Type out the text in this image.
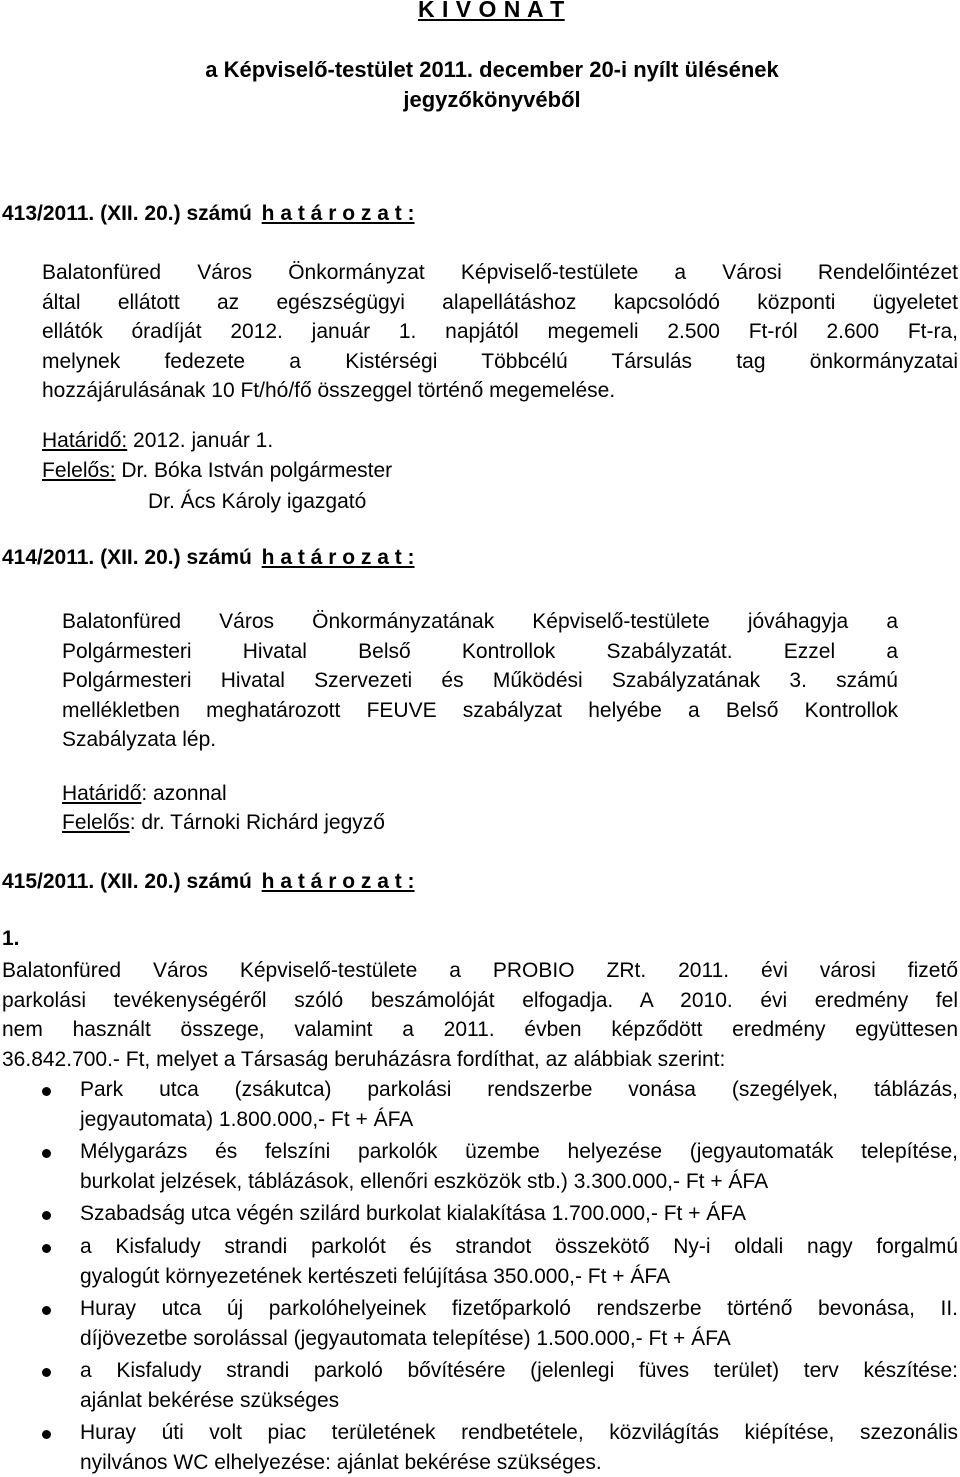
K I V O N A T
a Képviselő-testület 2011. december 20-i nyílt ülésének
jegyzőkönyvéből
413/2011. (XII. 20.) számú h a t á r o z a t :
Balatonfüred Város Önkormányzat Képviselő-testülete a Városi Rendelőintézet
által ellátott az egészségügyi alapellátáshoz kapcsolódó központi ügyeletet
ellátók óradíját 2012. január 1. napjától megemeli 2.500 Ft-ról 2.600 Ft-ra,
melynek fedezete a Kistérségi Többcélú Társulás tag önkormányzatai
hozzájárulásának 10 Ft/hó/fő összeggel történő megemelése.
Határidő: 2012. január 1.
Felelős: Dr. Bóka István polgármester
Dr. Ács Károly igazgató
414/2011. (XII. 20.) számú h a t á r o z a t :
Balatonfüred Város Önkormányzatának Képviselő-testülete jóváhagyja a
Polgármesteri Hivatal Belső Kontrollok Szabályzatát. Ezzel a
Polgármesteri Hivatal Szervezeti és Működési Szabályzatának 3. számú
mellékletben meghatározott FEUVE szabályzat helyébe a Belső Kontrollok
Szabályzata lép.
Határidő: azonnal
Felelős: dr. Tárnoki Richárd jegyző
415/2011. (XII. 20.) számú h a t á r o z a t :
1.
Balatonfüred Város Képviselő-testülete a PROBIO ZRt. 2011. évi városi fizető
parkolási tevékenységéről szóló beszámolóját elfogadja. A 2010. évi eredmény fel
nem használt összege, valamint a 2011. évben képződött eredmény együttesen
36.842.700.- Ft, melyet a Társaság beruházásra fordíthat, az alábbiak szerint:
Park utca (zsákutca) parkolási rendszerbe vonása (szegélyek, táblázás,
jegyautomata) 1.800.000,- Ft + ÁFA
Mélygarázs és felszíni parkolók üzembe helyezése (jegyautomaták telepítése,
burkolat jelzések, táblázások, ellenőri eszközök stb.) 3.300.000,- Ft + ÁFA
Szabadság utca végén szilárd burkolat kialakítása 1.700.000,- Ft + ÁFA
a Kisfaludy strandi parkolót és strandot összekötő Ny-i oldali nagy forgalmú
gyalogút környezetének kertészeti felújítása 350.000,- Ft + ÁFA
Huray utca új parkolóhelyeinek fizetőparkoló rendszerbe történő bevonása, II.
díjövezetbe sorolással (jegyautomata telepítése) 1.500.000,- Ft + ÁFA
a Kisfaludy strandi parkoló bővítésére (jelenlegi füves terület) terv készítése:
ajánlat bekérése szükséges
Huray úti volt piac területének rendbetétele, közvilágítás kiépítése, szezonális
nyilvános WC elhelyezése: ajánlat bekérése szükséges.
